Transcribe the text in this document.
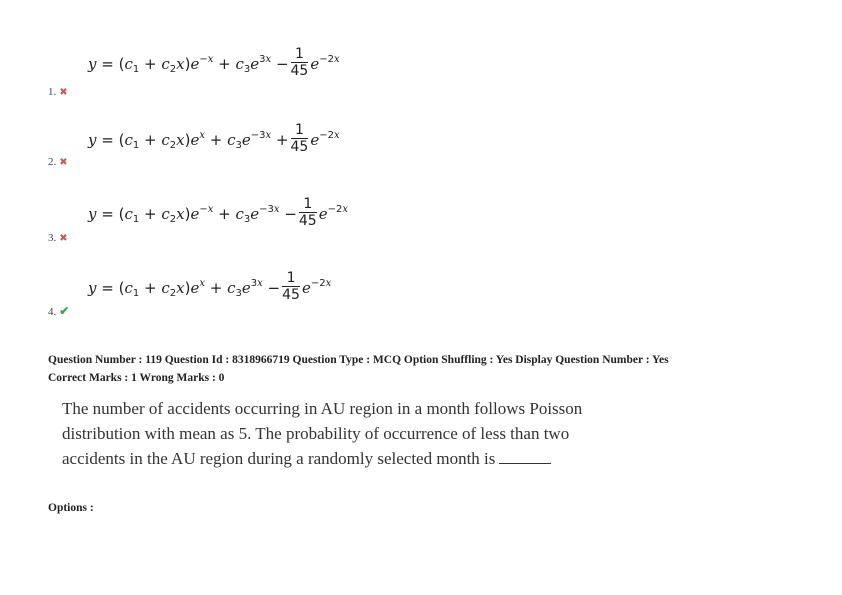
$y = (c_1 + c_2x)e^{-x} + c_3e^{3x} - \frac{1}{45} e^{-2x}$
1. ✖
$y = (c_1 + c_2x)e^x + c_3e^{-3x} + \frac{1}{45} e^{-2x}$
2. ✖
$y = (c_1 + c_2x)e^{-x} + c_3e^{-3x} - \frac{1}{45} e^{-2x}$
3. ✖
$y = (c_1 + c_2x)e^x + c_3e^{3x} - \frac{1}{45} e^{-2x}$
4. ✔
Question Number : 119 Question Id : 8318966719 Question Type : MCQ Option Shuffling : Yes Display Question Number : Yes
Correct Marks : 1 Wrong Marks : 0
The number of accidents occurring in AU region in a month follows Poisson distribution with mean as 5. The probability of occurrence of less than two accidents in the AU region during a randomly selected month is
Options :
